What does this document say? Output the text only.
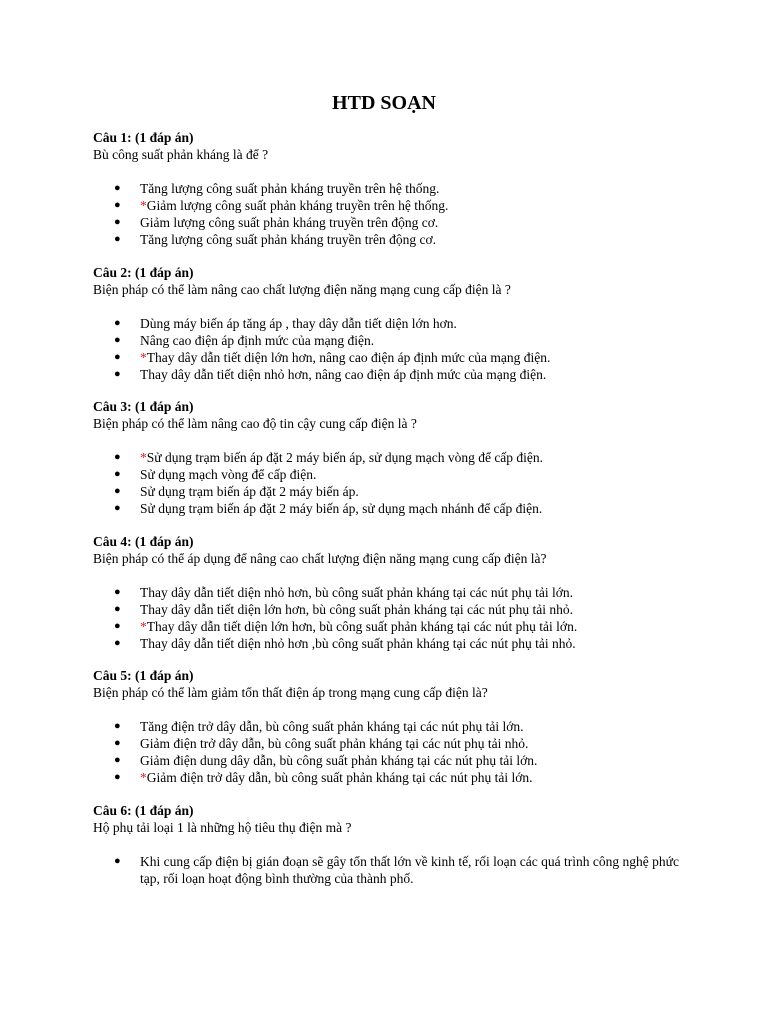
HTD SOẠN

Câu 1: (1 đáp án)

Bù công suất phản kháng là để ?

● Tăng lượng công suất phản kháng truyền trên hệ thống.
● *Giảm lượng công suất phản kháng truyền trên hệ thống.
● Giảm lượng công suất phản kháng truyền trên động cơ.
● Tăng lượng công suất phản kháng truyền trên động cơ.

Câu 2: (1 đáp án)

Biện pháp có thể làm nâng cao chất lượng điện năng mạng cung cấp điện là ?

● Dùng máy biến áp tăng áp , thay dây dẫn tiết diện lớn hơn.
● Nâng cao điện áp định mức của mạng điện.
● *Thay dây dẫn tiết diện lớn hơn, nâng cao điện áp định mức của mạng điện.
● Thay dây dẫn tiết diện nhỏ hơn, nâng cao điện áp định mức của mạng điện.

Câu 3: (1 đáp án)

Biện pháp có thể làm nâng cao độ tin cậy cung cấp điện là ?

● *Sử dụng trạm biến áp đặt 2 máy biến áp, sử dụng mạch vòng để cấp điện.
● Sử dụng mạch vòng để cấp điện.
● Sử dụng trạm biến áp đặt 2 máy biến áp.
● Sử dụng trạm biến áp đặt 2 máy biến áp, sử dụng mạch nhánh để cấp điện.

Câu 4: (1 đáp án)

Biện pháp có thể áp dụng để nâng cao chất lượng điện năng mạng cung cấp điện là?

● Thay dây dẫn tiết diện nhỏ hơn, bù công suất phản kháng tại các nút phụ tải lớn.
● Thay dây dẫn tiết diện lớn hơn, bù công suất phản kháng tại các nút phụ tải nhỏ.
● *Thay dây dẫn tiết diện lớn hơn, bù công suất phản kháng tại các nút phụ tải lớn.
● Thay dây dẫn tiết diện nhỏ hơn ,bù công suất phản kháng tại các nút phụ tải nhỏ.

Câu 5: (1 đáp án)

Biện pháp có thể làm giảm tổn thất điện áp trong mạng cung cấp điện là?

● Tăng điện trở dây dẫn, bù công suất phản kháng tại các nút phụ tải lớn.
● Giảm điện trở dây dẫn, bù công suất phản kháng tại các nút phụ tải nhỏ.
● Giảm điện dung dây dẫn, bù công suất phản kháng tại các nút phụ tải lớn.
● *Giảm điện trở dây dẫn, bù công suất phản kháng tại các nút phụ tải lớn.

Câu 6: (1 đáp án)

Hộ phụ tải loại 1 là những hộ tiêu thụ điện mà ?

● Khi cung cấp điện bị gián đoạn sẽ gây tổn thất lớn về kinh tế, rối loạn các quá trình công nghệ phức tạp, rối loạn hoạt động bình thường của thành phố.
